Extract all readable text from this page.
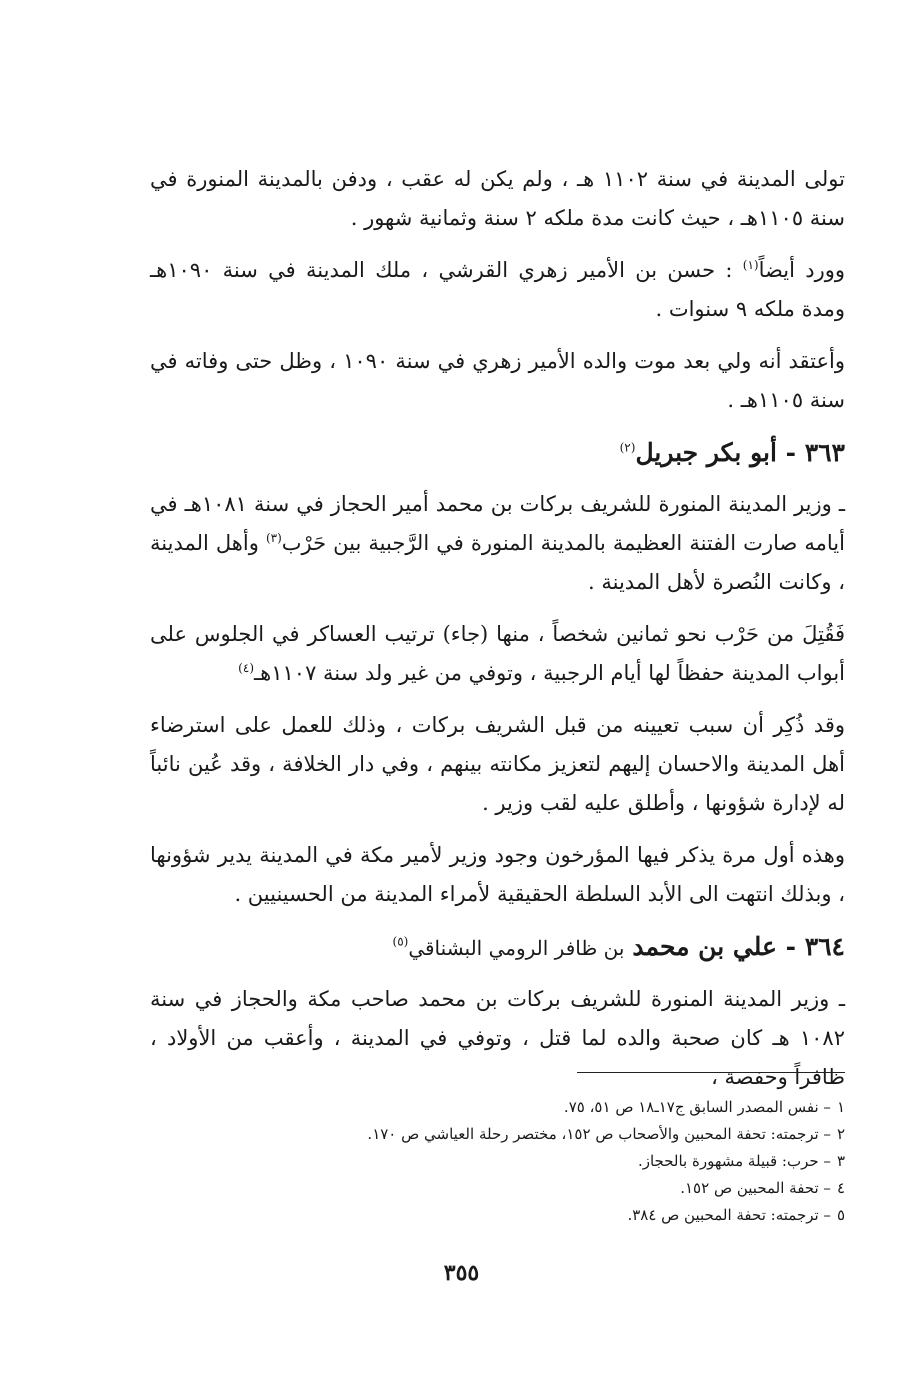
تولى المدينة في سنة ١١٠٢ هـ ، ولم يكن له عقب ، ودفن بالمدينة المنورة في سنة ١١٠٥هـ ، حيث كانت مدة ملكه ٢ سنة وثمانية شهور .

وورد أيضاً$^{(١)}$ : حسن بن الأمير زهري القرشي ، ملك المدينة في سنة ١٠٩٠هـ ومدة ملكه ٩ سنوات .

وأعتقد أنه ولي بعد موت والده الأمير زهري في سنة ١٠٩٠ ، وظل حتى وفاته في سنة ١١٠٥هـ .

٣٦٣ - أبو بكر جبريل$^{(٢)}$

ـ وزير المدينة المنورة للشريف بركات بن محمد أمير الحجاز في سنة ١٠٨١هـ في أيامه صارت الفتنة العظيمة بالمدينة المنورة في الرَّجبية بين حَرْب$^{(٣)}$ وأهل المدينة ، وكانت النُصرة لأهل المدينة .

فَقُتِلَ من حَرْب نحو ثمانين شخصاً ، منها (جاء) ترتيب العساكر في الجلوس على أبواب المدينة حفظاً لها أيام الرجبية ، وتوفي من غير ولد سنة ١١٠٧هـ$^{(٤)}$

وقد ذُكِر أن سبب تعيينه من قبل الشريف بركات ، وذلك للعمل على استرضاء أهل المدينة والاحسان إليهم لتعزيز مكانته بينهم ، وفي دار الخلافة ، وقد عُين نائباً له لإدارة شؤونها ، وأطلق عليه لقب وزير .

وهذه أول مرة يذكر فيها المؤرخون وجود وزير لأمير مكة في المدينة يدير شؤونها ، وبذلك انتهت الى الأبد السلطة الحقيقية لأمراء المدينة من الحسينيين .

٣٦٤ - علي بن محمد بن ظافر الرومي البشناقي$^{(٥)}$

ـ وزير المدينة المنورة للشريف بركات بن محمد صاحب مكة والحجاز في سنة ١٠٨٢ هـ كان صحبة والده لما قتل ، وتوفي في المدينة ، وأعقب من الأولاد ، ظافراً وحفصة ،

١– نفس المصدر السابق ج١٧ـ١٨ ص ٥١، ٧٥.
٢– ترجمته: تحفة المحبين والأصحاب ص ١٥٢، مختصر رحلة العياشي ص ١٧٠.
٣– حرب: قبيلة مشهورة بالحجاز.
٤– تحفة المحبين ص ١٥٢.
٥– ترجمته: تحفة المحبين ص ٣٨٤.
٣٥٥
